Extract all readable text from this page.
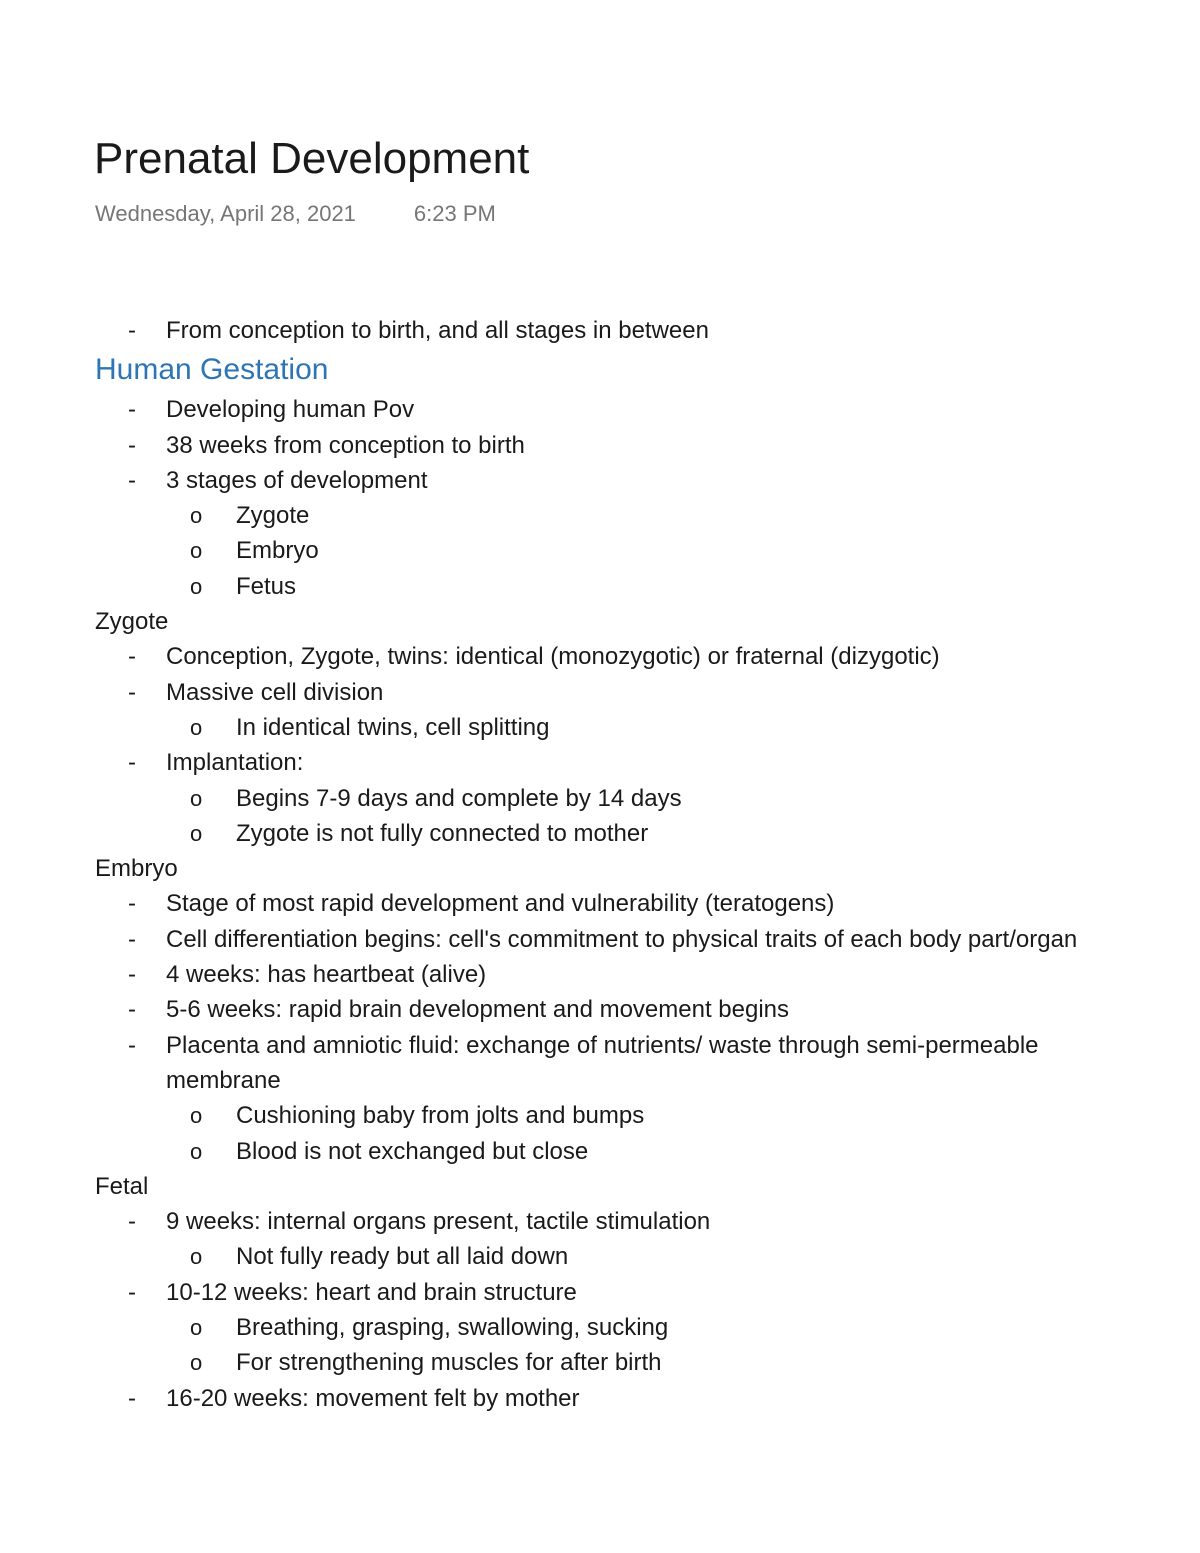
Prenatal Development
Wednesday, April 28, 2021	6:23 PM
- From conception to birth, and all stages in between
Human Gestation
- Developing human Pov
- 38 weeks from conception to birth
- 3 stages of development
o Zygote
o Embryo
o Fetus
Zygote
- Conception, Zygote, twins: identical (monozygotic) or fraternal (dizygotic)
- Massive cell division
o In identical twins, cell splitting
- Implantation:
o Begins 7-9 days and complete by 14 days
o Zygote is not fully connected to mother
Embryo
- Stage of most rapid development and vulnerability (teratogens)
- Cell differentiation begins: cell's commitment to physical traits of each body part/organ
- 4 weeks: has heartbeat (alive)
- 5-6 weeks: rapid brain development and movement begins
- Placenta and amniotic fluid: exchange of nutrients/ waste through semi-permeable membrane
o Cushioning baby from jolts and bumps
o Blood is not exchanged but close
Fetal
- 9 weeks: internal organs present, tactile stimulation
o Not fully ready but all laid down
- 10-12 weeks: heart and brain structure
o Breathing, grasping, swallowing, sucking
o For strengthening muscles for after birth
- 16-20 weeks: movement felt by mother
